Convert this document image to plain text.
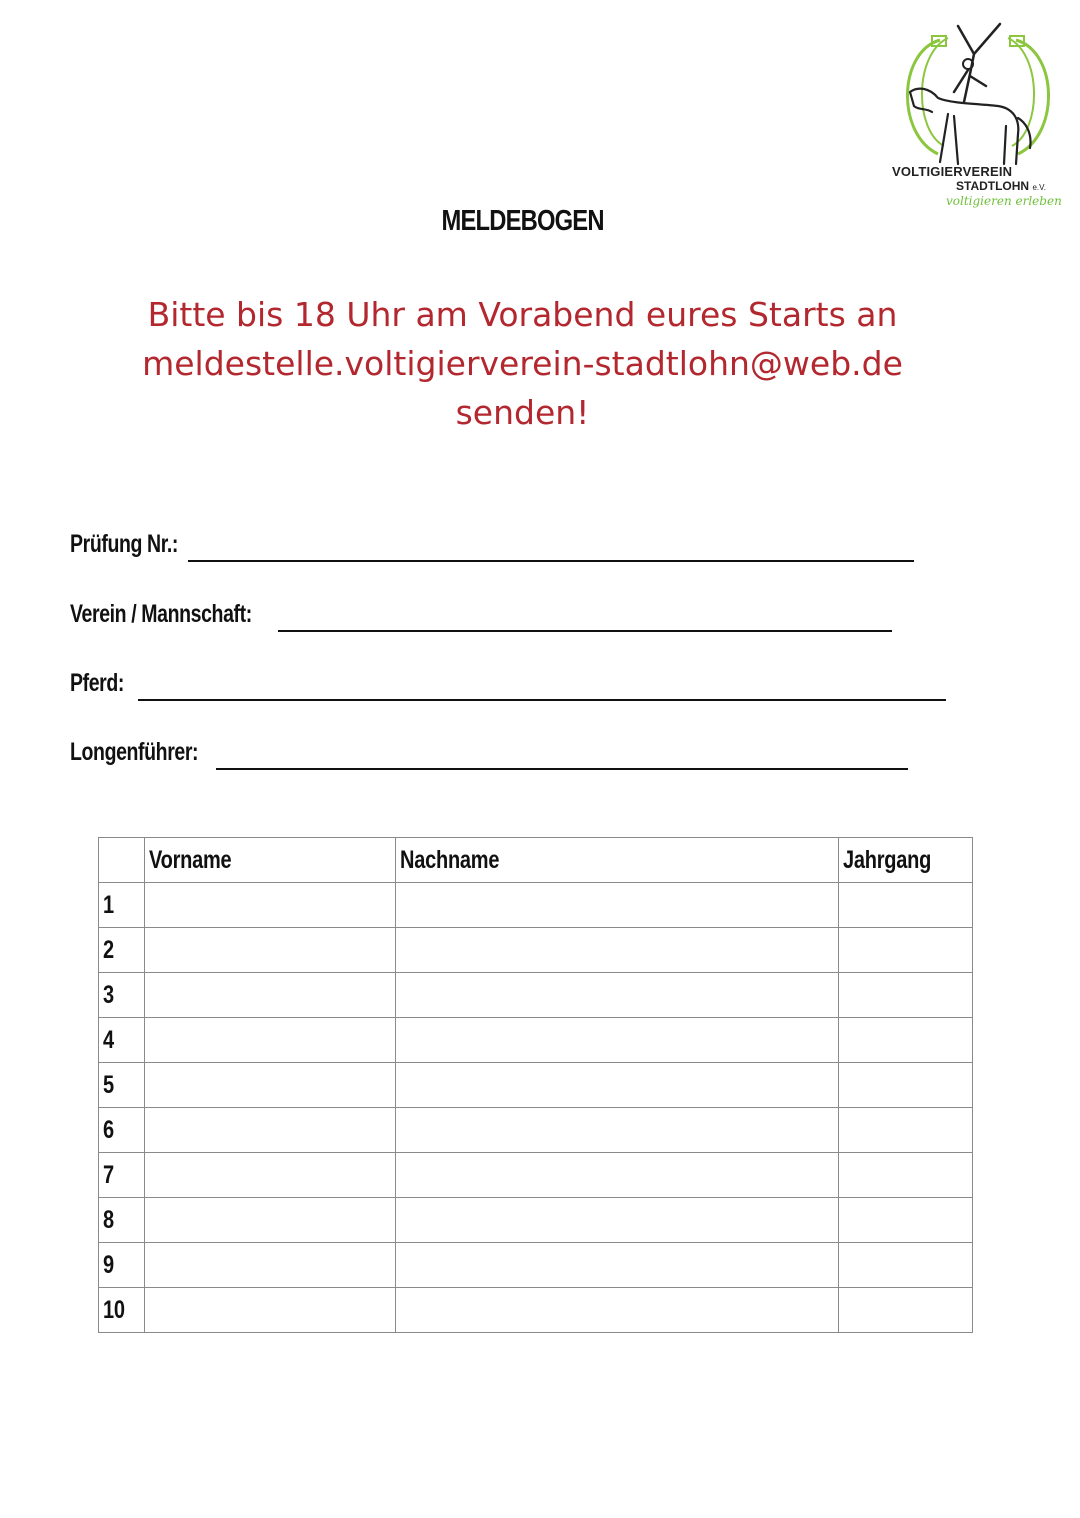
VOLTIGIERVEREIN
STADTLOHN e.V.
voltigieren erleben
MELDEBOGEN
Bitte bis 18 Uhr am Vorabend eures Starts an
meldestelle.voltigierverein-stadtlohn@web.de
senden!
Prüfung Nr.:
Verein / Mannschaft:
Pferd:
Longenführer:
	Vorname	Nachname	Jahrgang
1			
2			
3			
4			
5			
6			
7			
8			
9			
10			
